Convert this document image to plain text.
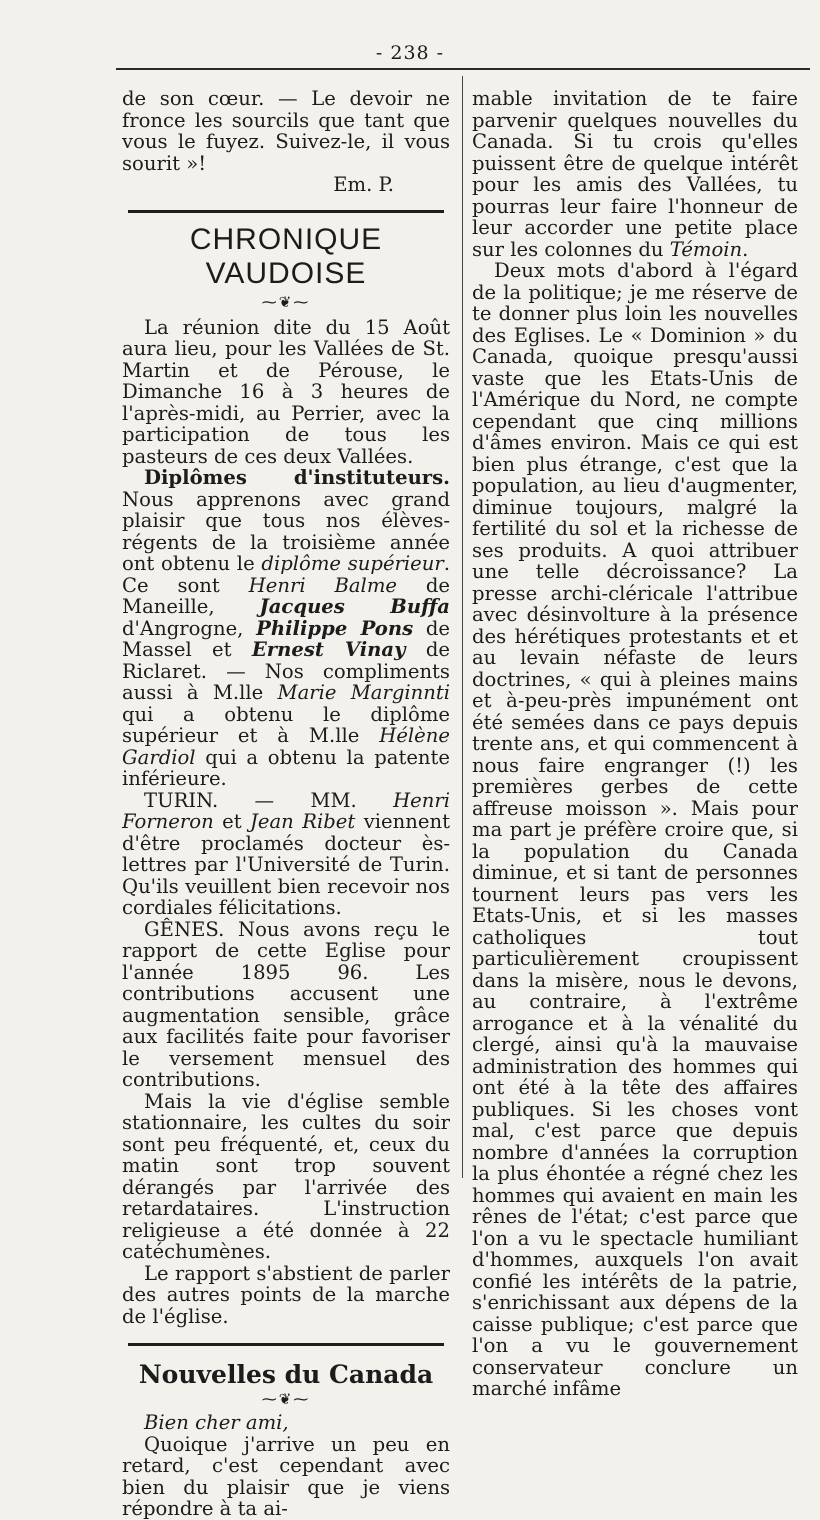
- 238 -

de son cœur. — Le devoir ne fronce les sourcils que tant que vous le fuyez. Suivez-le, il vous sourit »!

Em. P.

CHRONIQUE VAUDOISE
⁓❦⁓

La réunion dite du 15 Août aura lieu, pour les Vallées de St. Martin et de Pérouse, le Dimanche 16 à 3 heures de l'après-midi, au Perrier, avec la participation de tous les pasteurs de ces deux Vallées.

Diplômes d'instituteurs. Nous apprenons avec grand plaisir que tous nos élèves-régents de la troisième année ont obtenu le diplôme supérieur. Ce sont Henri Balme de Maneille, Jacques Buffa d'Angrogne, Philippe Pons de Massel et Ernest Vinay de Riclaret. — Nos compliments aussi à M.lle Marie Marginnti qui a obtenu le diplôme supérieur et à M.lle Hélène Gardiol qui a obtenu la patente inférieure.

TURIN. — MM. Henri Forneron et Jean Ribet viennent d'être proclamés docteur ès-lettres par l'Université de Turin. Qu'ils veuillent bien recevoir nos cordiales félicitations.

GÊNES. Nous avons reçu le rapport de cette Eglise pour l'année 1895 96. Les contributions accusent une augmentation sensible, grâce aux facilités faite pour favoriser le versement mensuel des contributions.

Mais la vie d'église semble stationnaire, les cultes du soir sont peu fréquenté, et, ceux du matin sont trop souvent dérangés par l'arrivée des retardataires. L'instruction religieuse a été donnée à 22 catéchumènes.

Le rapport s'abstient de parler des autres points de la marche de l'église.

Nouvelles du Canada
⁓❦⁓

Bien cher ami,

Quoique j'arrive un peu en retard, c'est cependant avec bien du plaisir que je viens répondre à ta ai-

mable invitation de te faire parvenir quelques nouvelles du Canada. Si tu crois qu'elles puissent être de quelque intérêt pour les amis des Vallées, tu pourras leur faire l'honneur de leur accorder une petite place sur les colonnes du Témoin.

Deux mots d'abord à l'égard de la politique; je me réserve de te donner plus loin les nouvelles des Eglises. Le « Dominion » du Canada, quoique presqu'aussi vaste que les Etats-Unis de l'Amérique du Nord, ne compte cependant que cinq millions d'âmes environ. Mais ce qui est bien plus étrange, c'est que la population, au lieu d'augmenter, diminue toujours, malgré la fertilité du sol et la richesse de ses produits. A quoi attribuer une telle décroissance? La presse archi-cléricale l'attribue avec désinvolture à la présence des hérétiques protestants et et au levain néfaste de leurs doctrines, « qui à pleines mains et à-peu-près impunément ont été semées dans ce pays depuis trente ans, et qui commencent à nous faire engranger (!) les premières gerbes de cette affreuse moisson ». Mais pour ma part je préfère croire que, si la population du Canada diminue, et si tant de personnes tournent leurs pas vers les Etats-Unis, et si les masses catholiques tout particulièrement croupissent dans la misère, nous le devons, au contraire, à l'extrême arrogance et à la vénalité du clergé, ainsi qu'à la mauvaise administration des hommes qui ont été à la tête des affaires publiques. Si les choses vont mal, c'est parce que depuis nombre d'années la corruption la plus éhontée a régné chez les hommes qui avaient en main les rênes de l'état; c'est parce que l'on a vu le spectacle humiliant d'hommes, auxquels l'on avait confié les intérêts de la patrie, s'enrichissant aux dépens de la caisse publique; c'est parce que l'on a vu le gouvernement conservateur conclure un marché infâme
